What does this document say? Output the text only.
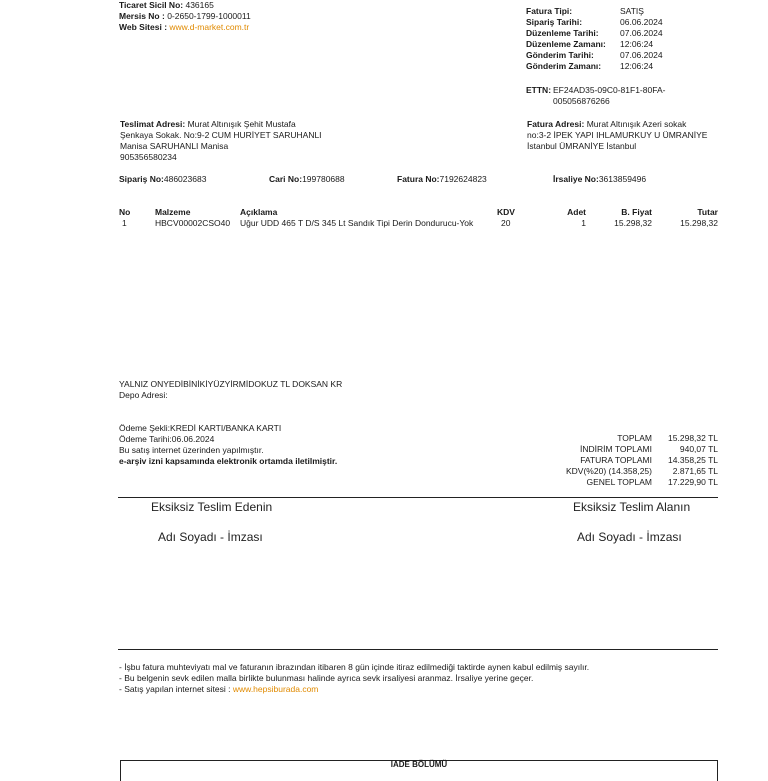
Ticaret Sicil No: 436165
Mersis No : 0-2650-1799-1000011
Web Sitesi : www.d-market.com.tr
Fatura Tipi:	SATIŞ
Sipariş Tarihi:	06.06.2024
Düzenleme Tarihi:	07.06.2024
Düzenleme Zamanı: 12:06:24
Gönderim Tarihi:	07.06.2024
Gönderim Zamanı: 12:06:24
ETTN: EF24AD35-09C0-81F1-80FA-
005056876266
Teslimat Adresi: Murat Altınışık Şehit Mustafa
Şenkaya Sokak. No:9-2 CUM HURİYET SARUHANLI
Manisa SARUHANLI Manisa
905356580234
Fatura Adresi: Murat Altınışık Azeri sokak
no:3-2 İPEK YAPI IHLAMURKUY U ÜMRANİYE
İstanbul ÜMRANİYE İstanbul
Sipariş No:486023683	Cari No:199780688	Fatura No:7192624823	İrsaliye No:3613859496
No	Malzeme	Açıklama	KDV	Adet	B. Fiyat	Tutar
1	HBCV00002CSO40 Uğur UDD 465 T D/S 345 Lt Sandık Tipi Derin Dondurucu-Yok	20	1	15.298,32	15.298,32
YALNIZ ONYEDİBİNİKİYÜZYİRMİDOKUZ TL DOKSAN KR
Depo Adresi:
Ödeme Şekli:KREDİ KARTI/BANKA KARTI
Ödeme Tarihi:06.06.2024
Bu satış internet üzerinden yapılmıştır.
e-arşiv izni kapsamında elektronik ortamda iletilmiştir.
TOPLAM 15.298,32 TL
İNDİRİM TOPLAMI	940,07 TL
FATURA TOPLAMI 14.358,25 TL
KDV(%20) (14.358,25) 2.871,65 TL
GENEL TOPLAM 17.229,90 TL
Eksiksiz Teslim Edenin
Adı Soyadı - İmzası
Eksiksiz Teslim Alanın
Adı Soyadı - İmzası
- İşbu fatura muhteviyatı mal ve faturanın ibrazından itibaren 8 gün içinde itiraz edilmediği taktirde aynen kabul edilmiş sayılır.
- Bu belgenin sevk edilen malla birlikte bulunması halinde ayrıca sevk irsaliyesi aranmaz. İrsaliye yerine geçer.
- Satış yapılan internet sitesi : www.hepsiburada.com
İADE BÖLÜMÜ
